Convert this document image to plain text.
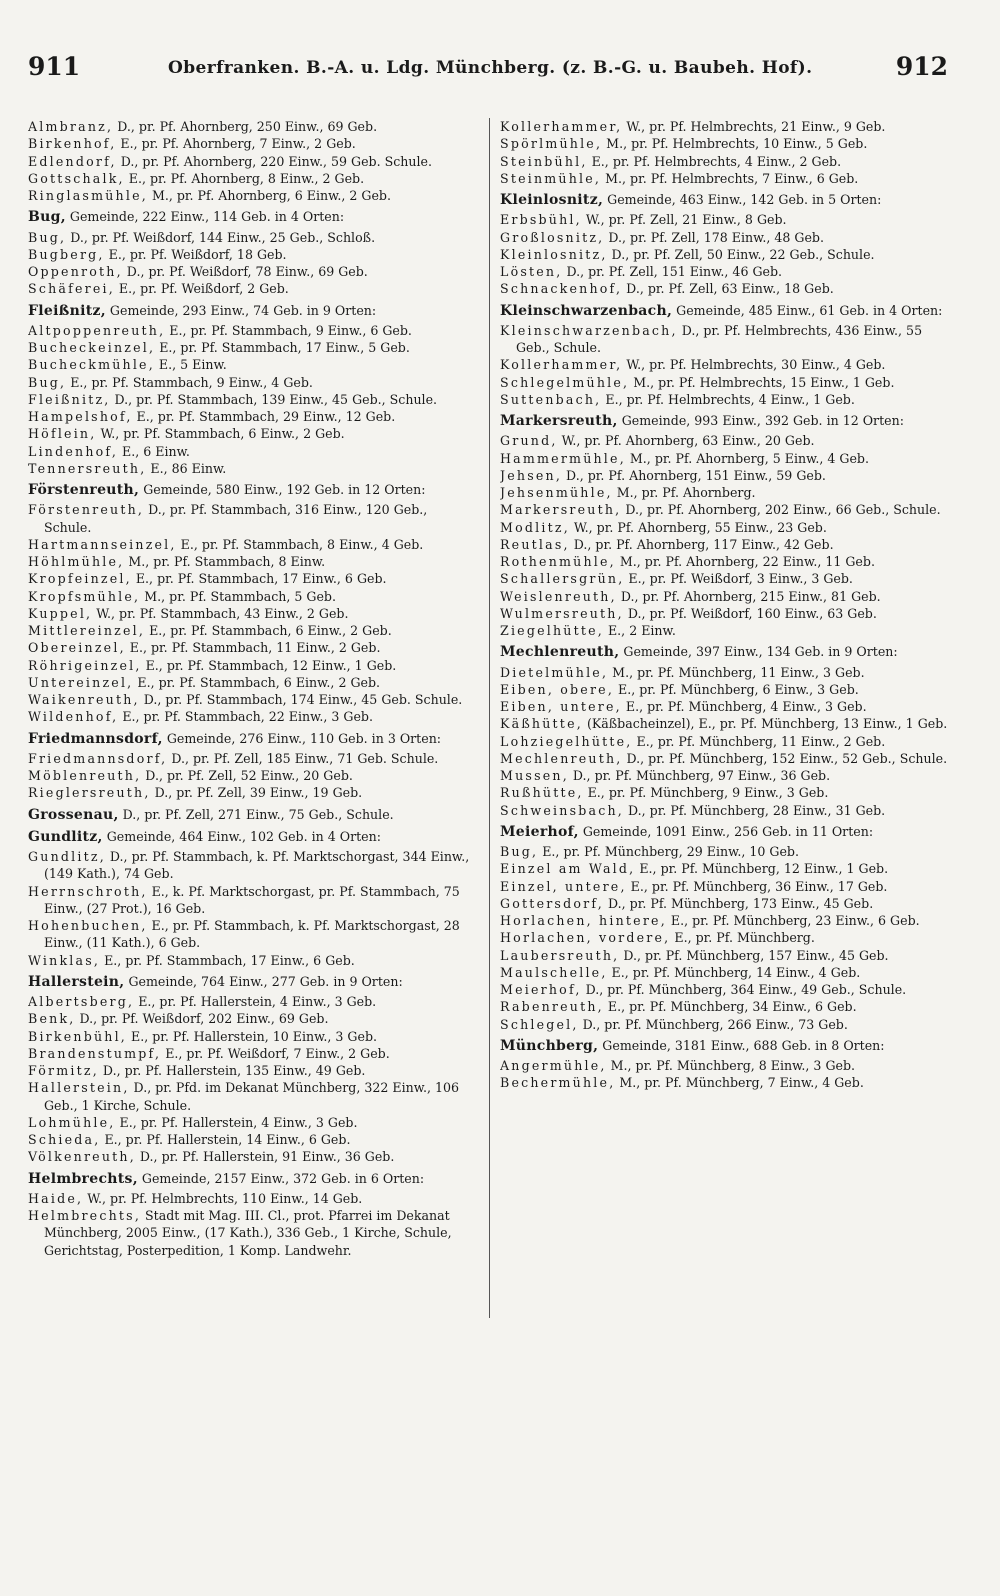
911	Oberfranken. B.-A. u. Ldg. Münchberg. (z. B.-G. u. Baubeh. Hof).	912

Almbranz, D., pr. Pf. Ahornberg, 250 Einw., 69 Geb.

Birkenhof, E., pr. Pf. Ahornberg, 7 Einw., 2 Geb.

Edlendorf, D., pr. Pf. Ahornberg, 220 Einw., 59 Geb. Schule.

Gottschalk, E., pr. Pf. Ahornberg, 8 Einw., 2 Geb.

Ringlasmühle, M., pr. Pf. Ahornberg, 6 Einw., 2 Geb.

Bug, Gemeinde, 222 Einw., 114 Geb. in 4 Orten:

Bug, D., pr. Pf. Weißdorf, 144 Einw., 25 Geb., Schloß.

Bugberg, E., pr. Pf. Weißdorf, 18 Geb.

Oppenroth, D., pr. Pf. Weißdorf, 78 Einw., 69 Geb.

Schäferei, E., pr. Pf. Weißdorf, 2 Geb.

Fleißnitz, Gemeinde, 293 Einw., 74 Geb. in 9 Orten:

Altpoppenreuth, E., pr. Pf. Stammbach, 9 Einw., 6 Geb.

Bucheckeinzel, E., pr. Pf. Stammbach, 17 Einw., 5 Geb.

Bucheckmühle, E., 5 Einw.

Bug, E., pr. Pf. Stammbach, 9 Einw., 4 Geb.

Fleißnitz, D., pr. Pf. Stammbach, 139 Einw., 45 Geb., Schule.

Hampelshof, E., pr. Pf. Stammbach, 29 Einw., 12 Geb.

Höflein, W., pr. Pf. Stammbach, 6 Einw., 2 Geb.

Lindenhof, E., 6 Einw.

Tennersreuth, E., 86 Einw.

Förstenreuth, Gemeinde, 580 Einw., 192 Geb. in 12 Orten:

Förstenreuth, D., pr. Pf. Stammbach, 316 Einw., 120 Geb., Schule.

Hartmannseinzel, E., pr. Pf. Stammbach, 8 Einw., 4 Geb.

Höhlmühle, M., pr. Pf. Stammbach, 8 Einw.

Kropfeinzel, E., pr. Pf. Stammbach, 17 Einw., 6 Geb.

Kropfsmühle, M., pr. Pf. Stammbach, 5 Geb.

Kuppel, W., pr. Pf. Stammbach, 43 Einw., 2 Geb.

Mittlereinzel, E., pr. Pf. Stammbach, 6 Einw., 2 Geb.

Obereinzel, E., pr. Pf. Stammbach, 11 Einw., 2 Geb.

Röhrigeinzel, E., pr. Pf. Stammbach, 12 Einw., 1 Geb.

Untereinzel, E., pr. Pf. Stammbach, 6 Einw., 2 Geb.

Waikenreuth, D., pr. Pf. Stammbach, 174 Einw., 45 Geb. Schule.

Wildenhof, E., pr. Pf. Stammbach, 22 Einw., 3 Geb.

Friedmannsdorf, Gemeinde, 276 Einw., 110 Geb. in 3 Orten:

Friedmannsdorf, D., pr. Pf. Zell, 185 Einw., 71 Geb. Schule.

Möblenreuth, D., pr. Pf. Zell, 52 Einw., 20 Geb.

Rieglersreuth, D., pr. Pf. Zell, 39 Einw., 19 Geb.

Grossenau, D., pr. Pf. Zell, 271 Einw., 75 Geb., Schule.

Gundlitz, Gemeinde, 464 Einw., 102 Geb. in 4 Orten:

Gundlitz, D., pr. Pf. Stammbach, k. Pf. Marktschorgast, 344 Einw., (149 Kath.), 74 Geb.

Herrnschroth, E., k. Pf. Marktschorgast, pr. Pf. Stammbach, 75 Einw., (27 Prot.), 16 Geb.

Hohenbuchen, E., pr. Pf. Stammbach, k. Pf. Marktschorgast, 28 Einw., (11 Kath.), 6 Geb.

Winklas, E., pr. Pf. Stammbach, 17 Einw., 6 Geb.

Hallerstein, Gemeinde, 764 Einw., 277 Geb. in 9 Orten:

Albertsberg, E., pr. Pf. Hallerstein, 4 Einw., 3 Geb.

Benk, D., pr. Pf. Weißdorf, 202 Einw., 69 Geb.

Birkenbühl, E., pr. Pf. Hallerstein, 10 Einw., 3 Geb.

Brandenstumpf, E., pr. Pf. Weißdorf, 7 Einw., 2 Geb.

Förmitz, D., pr. Pf. Hallerstein, 135 Einw., 49 Geb.

Hallerstein, D., pr. Pfd. im Dekanat Münchberg, 322 Einw., 106 Geb., 1 Kirche, Schule.

Lohmühle, E., pr. Pf. Hallerstein, 4 Einw., 3 Geb.

Schieda, E., pr. Pf. Hallerstein, 14 Einw., 6 Geb.

Völkenreuth, D., pr. Pf. Hallerstein, 91 Einw., 36 Geb.

Helmbrechts, Gemeinde, 2157 Einw., 372 Geb. in 6 Orten:

Haide, W., pr. Pf. Helmbrechts, 110 Einw., 14 Geb.

Helmbrechts, Stadt mit Mag. III. Cl., prot. Pfarrei im Dekanat Münchberg, 2005 Einw., (17 Kath.), 336 Geb., 1 Kirche, Schule, Gerichtstag, Posterpedition, 1 Komp. Landwehr.

Kollerhammer, W., pr. Pf. Helmbrechts, 21 Einw., 9 Geb.

Spörlmühle, M., pr. Pf. Helmbrechts, 10 Einw., 5 Geb.

Steinbühl, E., pr. Pf. Helmbrechts, 4 Einw., 2 Geb.

Steinmühle, M., pr. Pf. Helmbrechts, 7 Einw., 6 Geb.

Kleinlosnitz, Gemeinde, 463 Einw., 142 Geb. in 5 Orten:

Erbsbühl, W., pr. Pf. Zell, 21 Einw., 8 Geb.

Großlosnitz, D., pr. Pf. Zell, 178 Einw., 48 Geb.

Kleinlosnitz, D., pr. Pf. Zell, 50 Einw., 22 Geb., Schule.

Lösten, D., pr. Pf. Zell, 151 Einw., 46 Geb.

Schnackenhof, D., pr. Pf. Zell, 63 Einw., 18 Geb.

Kleinschwarzenbach, Gemeinde, 485 Einw., 61 Geb. in 4 Orten:

Kleinschwarzenbach, D., pr. Pf. Helmbrechts, 436 Einw., 55 Geb., Schule.

Kollerhammer, W., pr. Pf. Helmbrechts, 30 Einw., 4 Geb.

Schlegelmühle, M., pr. Pf. Helmbrechts, 15 Einw., 1 Geb.

Suttenbach, E., pr. Pf. Helmbrechts, 4 Einw., 1 Geb.

Markersreuth, Gemeinde, 993 Einw., 392 Geb. in 12 Orten:

Grund, W., pr. Pf. Ahornberg, 63 Einw., 20 Geb.

Hammermühle, M., pr. Pf. Ahornberg, 5 Einw., 4 Geb.

Jehsen, D., pr. Pf. Ahornberg, 151 Einw., 59 Geb.

Jehsenmühle, M., pr. Pf. Ahornberg.

Markersreuth, D., pr. Pf. Ahornberg, 202 Einw., 66 Geb., Schule.

Modlitz, W., pr. Pf. Ahornberg, 55 Einw., 23 Geb.

Reutlas, D., pr. Pf. Ahornberg, 117 Einw., 42 Geb.

Rothenmühle, M., pr. Pf. Ahornberg, 22 Einw., 11 Geb.

Schallersgrün, E., pr. Pf. Weißdorf, 3 Einw., 3 Geb.

Weislenreuth, D., pr. Pf. Ahornberg, 215 Einw., 81 Geb.

Wulmersreuth, D., pr. Pf. Weißdorf, 160 Einw., 63 Geb.

Ziegelhütte, E., 2 Einw.

Mechlenreuth, Gemeinde, 397 Einw., 134 Geb. in 9 Orten:

Dietelmühle, M., pr. Pf. Münchberg, 11 Einw., 3 Geb.

Eiben, obere, E., pr. Pf. Münchberg, 6 Einw., 3 Geb.

Eiben, untere, E., pr. Pf. Münchberg, 4 Einw., 3 Geb.

Käßhütte, (Käßbacheinzel), E., pr. Pf. Münchberg, 13 Einw., 1 Geb.

Lohziegelhütte, E., pr. Pf. Münchberg, 11 Einw., 2 Geb.

Mechlenreuth, D., pr. Pf. Münchberg, 152 Einw., 52 Geb., Schule.

Mussen, D., pr. Pf. Münchberg, 97 Einw., 36 Geb.

Rußhütte, E., pr. Pf. Münchberg, 9 Einw., 3 Geb.

Schweinsbach, D., pr. Pf. Münchberg, 28 Einw., 31 Geb.

Meierhof, Gemeinde, 1091 Einw., 256 Geb. in 11 Orten:

Bug, E., pr. Pf. Münchberg, 29 Einw., 10 Geb.

Einzel am Wald, E., pr. Pf. Münchberg, 12 Einw., 1 Geb.

Einzel, untere, E., pr. Pf. Münchberg, 36 Einw., 17 Geb.

Gottersdorf, D., pr. Pf. Münchberg, 173 Einw., 45 Geb.

Horlachen, hintere, E., pr. Pf. Münchberg, 23 Einw., 6 Geb.

Horlachen, vordere, E., pr. Pf. Münchberg.

Laubersreuth, D., pr. Pf. Münchberg, 157 Einw., 45 Geb.

Maulschelle, E., pr. Pf. Münchberg, 14 Einw., 4 Geb.

Meierhof, D., pr. Pf. Münchberg, 364 Einw., 49 Geb., Schule.

Rabenreuth, E., pr. Pf. Münchberg, 34 Einw., 6 Geb.

Schlegel, D., pr. Pf. Münchberg, 266 Einw., 73 Geb.

Münchberg, Gemeinde, 3181 Einw., 688 Geb. in 8 Orten:

Angermühle, M., pr. Pf. Münchberg, 8 Einw., 3 Geb.

Bechermühle, M., pr. Pf. Münchberg, 7 Einw., 4 Geb.
